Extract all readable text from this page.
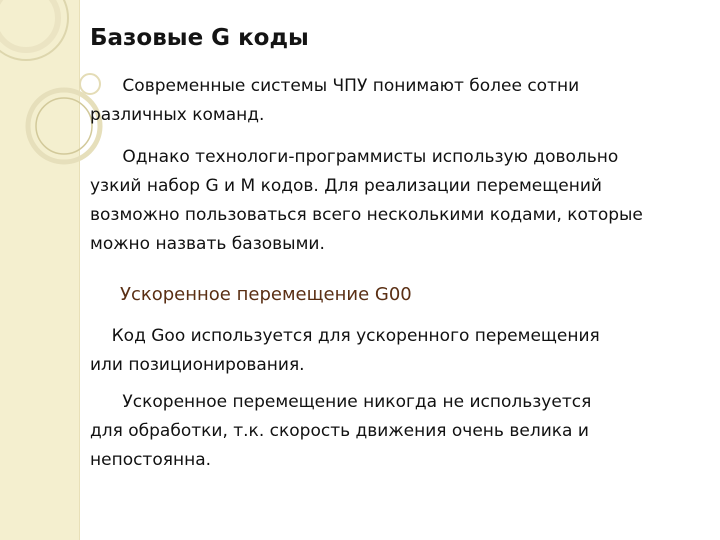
Базовые G коды

Современные системы ЧПУ понимают более сотни
различных команд.

Однако технологи-программисты использую довольно
узкий набор G и M кодов. Для реализации перемещений возможно пользоваться всего несколькими кодами, которые можно назвать базовыми.

Ускоренное перемещение G00

Код Goo используется для ускоренного перемещения
или позиционирования.

Ускоренное перемещение никогда не используется
для обработки, т.к. скорость движения очень велика и непостоянна.
